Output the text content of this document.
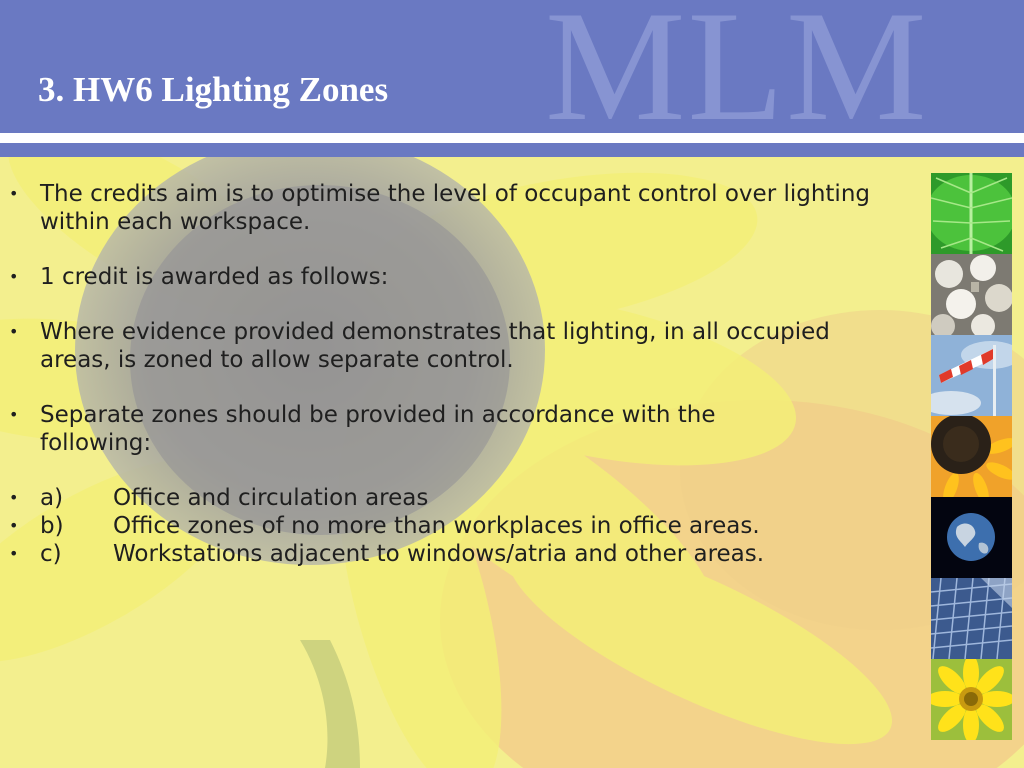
MLM
3. HW6 Lighting Zones
• The credits aim is to optimise the level of occupant control over lighting within each workspace.
• 1 credit is awarded as follows:
• Where evidence provided demonstrates that lighting, in all occupied areas, is zoned to allow separate control.
• Separate zones should be provided in accordance with the following:
• a) Office and circulation areas
• b) Office zones of no more than workplaces in office areas.
• c) Workstations adjacent to windows/atria and other areas.
